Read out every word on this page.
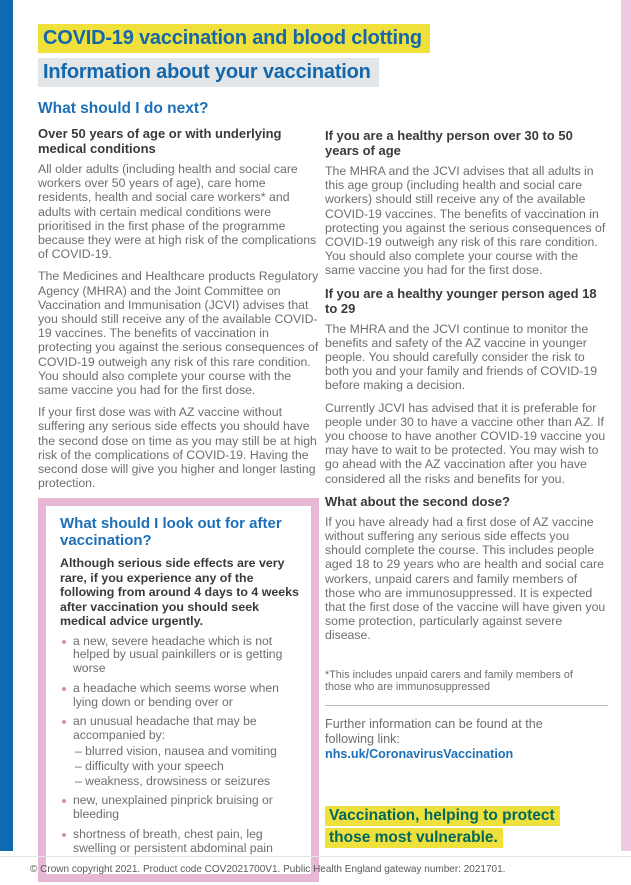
COVID-19 vaccination and blood clotting
Information about your vaccination
What should I do next?
Over 50 years of age or with underlying medical conditions

All older adults (including health and social care workers over 50 years of age), care home residents, health and social care workers* and adults with certain medical conditions were prioritised in the first phase of the programme because they were at high risk of the complications of COVID-19.

The Medicines and Healthcare products Regulatory Agency (MHRA) and the Joint Committee on Vaccination and Immunisation (JCVI) advises that you should still receive any of the available COVID-19 vaccines. The benefits of vaccination in protecting you against the serious consequences of COVID-19 outweigh any risk of this rare condition. You should also complete your course with the same vaccine you had for the first dose.

If your first dose was with AZ vaccine without suffering any serious side effects you should have the second dose on time as you may still be at high risk of the complications of COVID-19. Having the second dose will give you higher and longer lasting protection.

What should I look out for after vaccination?

Although serious side effects are very rare, if you experience any of the following from around 4 days to 4 weeks after vaccination you should seek medical advice urgently.

a new, severe headache which is not helped by usual painkillers or is getting worse
a headache which seems worse when lying down or bending over or
an unusual headache that may be accompanied by:
– blurred vision, nausea and vomiting
– difficulty with your speech
– weakness, drowsiness or seizures
new, unexplained pinprick bruising or bleeding
shortness of breath, chest pain, leg swelling or persistent abdominal pain
If you are a healthy person over 30 to 50 years of age

The MHRA and the JCVI advises that all adults in this age group (including health and social care workers) should still receive any of the available COVID-19 vaccines. The benefits of vaccination in protecting you against the serious consequences of COVID-19 outweigh any risk of this rare condition. You should also complete your course with the same vaccine you had for the first dose.

If you are a healthy younger person aged 18 to 29

The MHRA and the JCVI continue to monitor the benefits and safety of the AZ vaccine in younger people. You should carefully consider the risk to both you and your family and friends of COVID-19 before making a decision.

Currently JCVI has advised that it is preferable for people under 30 to have a vaccine other than AZ. If you choose to have another COVID-19 vaccine you may have to wait to be protected. You may wish to go ahead with the AZ vaccination after you have considered all the risks and benefits for you.

What about the second dose?

If you have already had a first dose of AZ vaccine without suffering any serious side effects you should complete the course. This includes people aged 18 to 29 years who are health and social care workers, unpaid carers and family members of those who are immunosuppressed. It is expected that the first dose of the vaccine will have given you some protection, particularly against severe disease.

*This includes unpaid carers and family members of those who are immunosuppressed

Further information can be found at the following link:
nhs.uk/CoronavirusVaccination
Vaccination, helping to protect those most vulnerable.
© Crown copyright 2021. Product code COV2021700V1. Public Health England gateway number: 2021701.
